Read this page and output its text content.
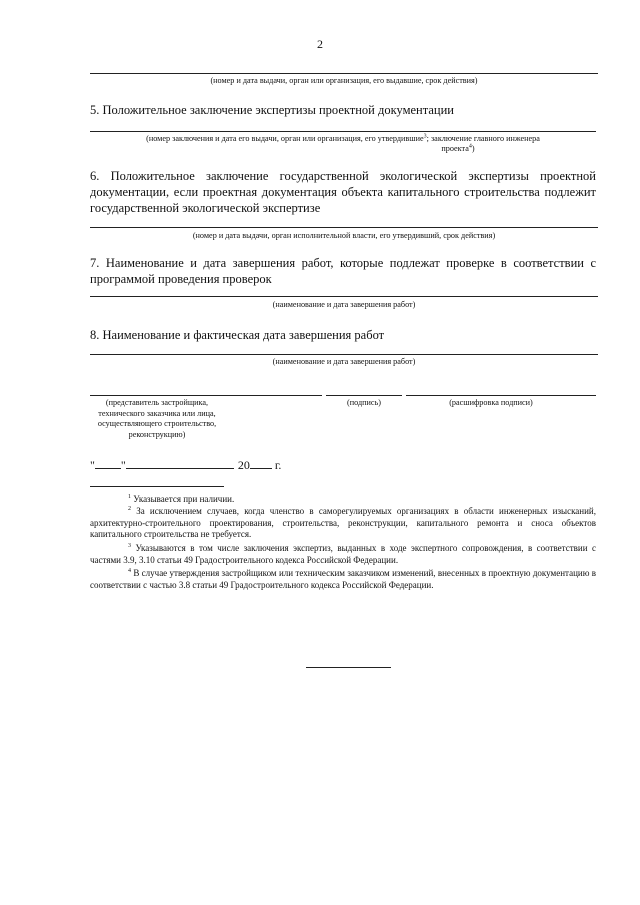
2
(номер и дата выдачи, орган или организация, его выдавшие, срок действия)
5. Положительное заключение экспертизы проектной документации
(номер заключения и дата его выдачи, орган или организация, его утвердившие$^3$; заключение главного инженера
проекта$^4$)
6. Положительное заключение государственной экологической экспертизы проектной документации, если проектная документация объекта капитального строительства подлежит государственной экологической экспертизе
(номер и дата выдачи, орган исполнительной власти, его утвердивший, срок действия)
7. Наименование и дата завершения работ, которые подлежат проверке в соответствии с программой проведения проверок
(наименование и дата завершения работ)
8. Наименование и фактическая дата завершения работ
(наименование и дата завершения работ)
(представитель застройщика, технического заказчика или лица, осуществляющего строительство, реконструкцию)
(подпись)	(расшифровка подписи)
" "	20 г.
$^1$ Указывается при наличии.
$^2$ За исключением случаев, когда членство в саморегулируемых организациях в области инженерных изысканий, архитектурно-строительного проектирования, строительства, реконструкции, капитального ремонта и сноса объектов капитального строительства не требуется.
$^3$ Указываются в том числе заключения экспертиз, выданных в ходе экспертного сопровождения, в соответствии с частями 3.9, 3.10 статьи 49 Градостроительного кодекса Российской Федерации.
$^4$ В случае утверждения застройщиком или техническим заказчиком изменений, внесенных в проектную документацию в соответствии с частью 3.8 статьи 49 Градостроительного кодекса Российской Федерации.
